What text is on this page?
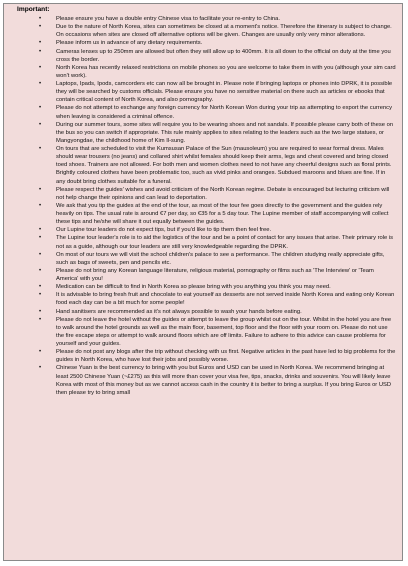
Important:
• Please ensure you have a double entry Chinese visa to facilitate your re-entry to China.
• Due to the nature of North Korea, sites can sometimes be closed at a moment's notice. Therefore the itinerary is subject to change. On occasions when sites are closed off alternative options will be given. Changes are usually only very minor alterations.
• Please inform us in advance of any dietary requirements.
• Cameras lenses up to 250mm are allowed but often they will allow up to 400mm. It is all down to the official on duty at the time you cross the border.
• North Korea has recently relaxed restrictions on mobile phones so you are welcome to take them in with you (although your sim card won't work).
• Laptops, Ipads, Ipods, camcorders etc can now all be brought in. Please note if bringing laptops or phones into DPRK, it is possible they will be searched by customs officials. Please ensure you have no sensitive material on there such as articles or ebooks that contain critical content of North Korea, and also pornography.
• Please do not attempt to exchange any foreign currency for North Korean Won during your trip as attempting to export the currency when leaving is considered a criminal offence.
• During our summer tours, some sites will require you to be wearing shoes and not sandals. If possible please carry both of these on the bus so you can switch if appropriate. This rule mainly applies to sites relating to the leaders such as the two large statues, or Mangyongdae, the childhood home of Kim Il-sung.
• On tours that are scheduled to visit the Kumsusan Palace of the Sun (mausoleum) you are required to wear formal dress. Males should wear trousers (no jeans) and collared shirt whilst females should keep their arms, legs and chest covered and bring closed toed shoes. Trainers are not allowed. For both men and women clothes need to not have any cheerful designs such as floral prints. Brightly coloured clothes have been problematic too, such as vivid pinks and oranges. Subdued maroons and blues are fine. If in any doubt bring clothes suitable for a funeral.
• Please respect the guides' wishes and avoid criticism of the North Korean regime. Debate is encouraged but lecturing criticism will not help change their opinions and can lead to deportation.
• We ask that you tip the guides at the end of the tour, as most of the tour fee goes directly to the government and the guides rely heavily on tips. The usual rate is around €7 per day, so €35 for a 5 day tour. The Lupine member of staff accompanying will collect these tips and he/she will share it out equally between the guides.
• Our Lupine tour leaders do not expect tips, but if you'd like to tip them then feel free.
• The Lupine tour leader's role is to aid the logistics of the tour and be a point of contact for any issues that arise. Their primary role is not as a guide, although our tour leaders are still very knowledgeable regarding the DPRK.
• On most of our tours we will visit the school children's palace to see a performance. The children studying really appreciate gifts, such as bags of sweets, pen and pencils etc.
• Please do not bring any Korean language literature, religious material, pornography or films such as 'The Interview' or 'Team America' with you!
• Medication can be difficult to find in North Korea so please bring with you anything you think you may need.
• It is advisable to bring fresh fruit and chocolate to eat yourself as desserts are not served inside North Korea and eating only Korean food each day can be a bit much for some people!
• Hand sanitisers are recommended as it's not always possible to wash your hands before eating.
• Please do not leave the hotel without the guides or attempt to leave the group whilst out on the tour. Whilst in the hotel you are free to walk around the hotel grounds as well as the main floor, basement, top floor and the floor with your room on. Please do not use the fire escape steps or attempt to walk around floors which are off limits. Failure to adhere to this advice can cause problems for yourself and your guides.
• Please do not post any blogs after the trip without checking with us first. Negative articles in the past have led to big problems for the guides in North Korea, who have lost their jobs and possibly worse.
• Chinese Yuan is the best currency to bring with you but Euros and USD can be used in North Korea. We recommend bringing at least 2500 Chinese Yuan (~£275) as this will more than cover your visa fee, tips, snacks, drinks and souvenirs. You will likely leave Korea with most of this money but as we cannot access cash in the country it is better to bring a surplus. If you bring Euros or USD then please try to bring small
